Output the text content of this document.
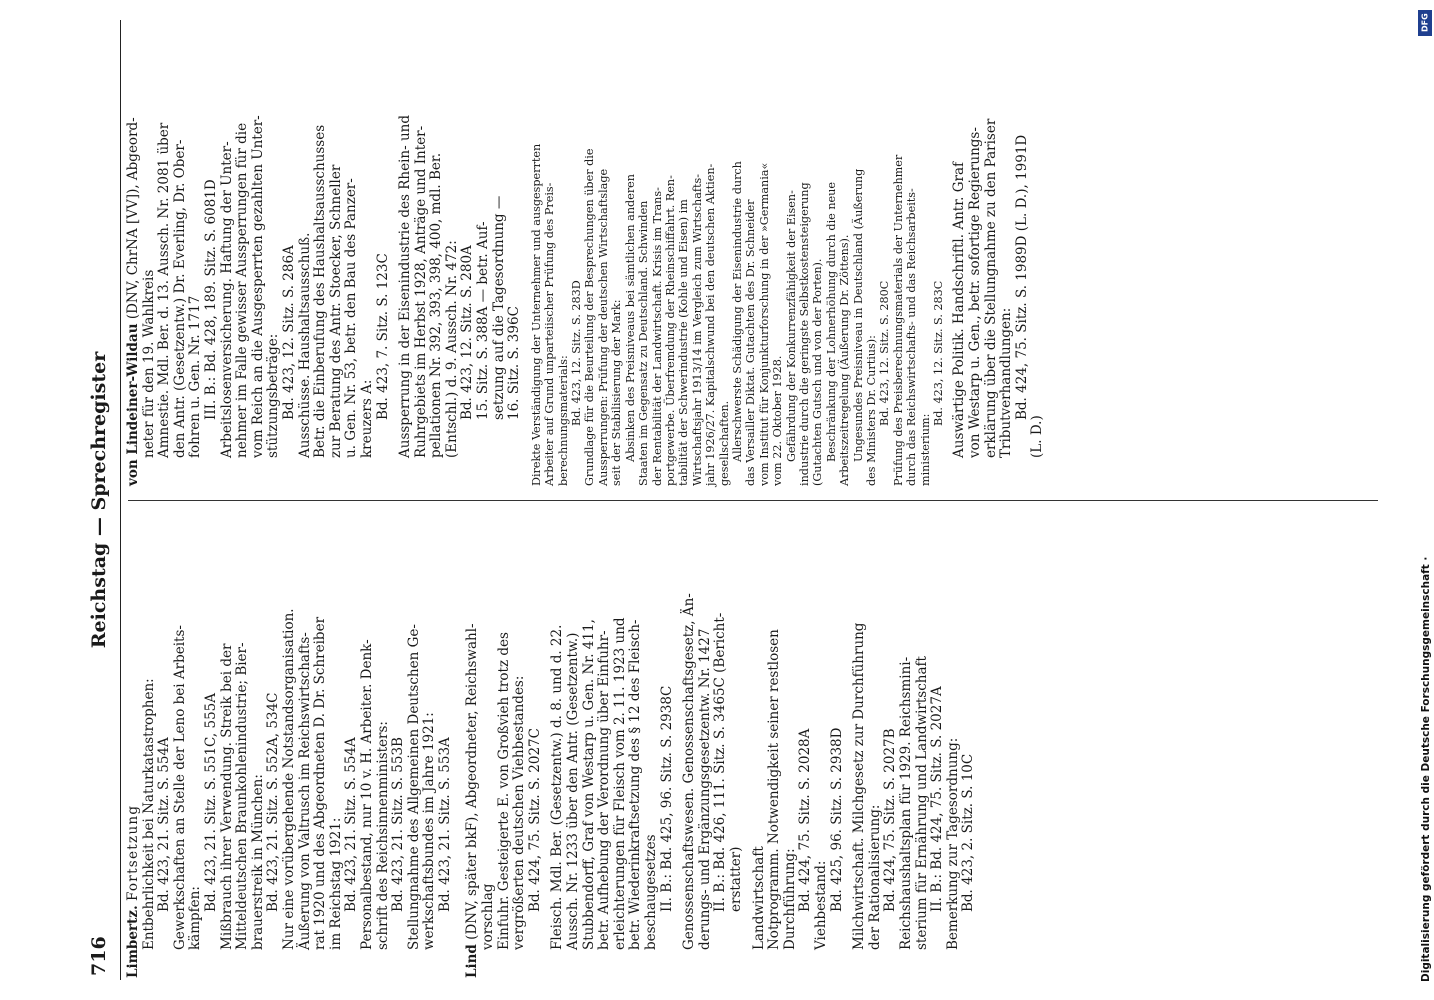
Reichstag — Sprechregister
716 Limbertz. Fortsetzung Entbehrlichkeit bei Naturkatastrophen: Bd. 423, 21. Sitz. S. 554A Gewerkschaften an Stelle der Leno bei Arbeits- kämpfen:

Bd. 423, 21. Sitz. S. 551C, 555A Mißbrauch ihrer Verwendung. Streik bei der Mitteldeutschen Braunkohlenindustrie; Bier- brauerstreik in München: Bd. 423, 21. Sitz. S. 552A, 534C Nur eine vorübergehende Notstandsorganisation. Äußerung von Valtrusch im Reichswirtschafts- rat 1920 und des Abgeordneten D. Dr. Schreiber im Reichstag 1921: Bd. 423, 21. Sitz. S. 554A Personalbestand, nur 10 v. H. Arbeiter. Denk- schrift des Reichsinnenministers: Bd. 423, 21. Sitz. S. 553B Stellungnahme des Allgemeinen Deutschen Ge- werkschaftsbundes im Jahre 1921: Bd. 423, 21. Sitz. S. 553A

Lind (DNV, später bkF), Abgeordneter, Reichswahl- vorschlag Einfuhr. Gesteigerte E. von Großvieh trotz des vergrößerten deutschen Viehbestandes: Bd. 424, 75. Sitz. S. 2027C Fleisch. Mdl. Ber. (Gesetzentw.) d. 8. und d. 22. Aussch. Nr. 1233 über den Antr. (Gesetzentw.) Stubbendorff, Graf von Westarp u. Gen. Nr. 411, betr. Aufhebung der Verordnung über Einfuhr- erleichterungen für Fleisch vom 2. 11. 1923 und betr. Wiederinkraftsetzung des § 12 des Fleisch- beschaugesetzes II. B.: Bd. 425, 96. Sitz. S. 2938C Genossenschaftswesen. Genossenschaftsgesetz, Än- derungs- und Ergänzungsgesetzentw. Nr. 1427 II. B.: Bd. 426, 111. Sitz. S. 3465C (Bericht- erstatter) Landwirtschaft Notprogramm. Notwendigkeit seiner restlosen Durchführung: Bd. 424, 75. Sitz. S. 2028A Viehbestand: Bd. 425, 96. Sitz. S. 2938D Milchwirtschaft. Milchgesetz zur Durchführung der Rationalisierung: Bd. 424, 75. Sitz. S. 2027B Reichshaushaltsplan für 1929. Reichsmini- sterium für Ernährung und Landwirtschaft II. B.: Bd. 424, 75. Sitz. S. 2027A Bemerkung zur Tagesordnung: Bd. 423, 2. Sitz. S. 10C

von Lindeiner-Wildau (DNV, ChrNA [VV]), Abgeord-

neter für den 19. Wahlkreis Amnestie. Mdl. Ber. d. 13. Aussch. Nr. 2081 über den Antr. (Gesetzentw.) Dr. Everling, Dr. Ober- fohren u. Gen. Nr. 1717 III. B.: Bd. 428, 189. Sitz. S. 6081D Arbeitslosenversicherung. Haftung der Unter- nehmer im Falle gewisser Aussperrungen für die vom Reich an die Ausgesperrten gezahlten Unter- stützungsbeträge: Bd. 423, 12. Sitz. S. 286A Ausschüsse. Haushaltsausschuß. Betr. die Einberufung des Haushaltsausschusses zur Beratung des Antr. Stoecker, Schneller u. Gen. Nr. 53, betr. den Bau des Panzer- kreuzers A: Bd. 423, 7. Sitz. S. 123C Aussperrung in der Eisenindustrie des Rhein- und Ruhrgebiets im Herbst 1928, Anträge und Inter- pellationen Nr. 392, 393, 398, 400, mdl. Ber. (Entschl.) d. 9. Aussch. Nr. 472: Bd. 423, 12. Sitz. S. 280A 15. Sitz. S. 388A — betr. Auf- setzung auf die Tagesordnung — 16. Sitz. S. 396C Direkte Verständigung der Unternehmer und ausgesperrten Arbeiter auf Grund unparteiischer Prüfung des Preis- berechnungsmaterials: Bd. 423, 12. Sitz. S. 283D Grundlage für die Beurteilung der Besprechungen über die Aussperrungen: Prüfung der deutschen Wirtschaftslage seit der Stabilisierung der Mark: Absinken des Preisniveaus bei sämtlichen anderen Staaten im Gegensatz zu Deutschland. Schwinden der Rentabilität der Landwirtschaft. Krisis im Trans- portgewerbe. Überfremdung der Rheinschiffahrt. Ren- tabilität der Schwerindustrie (Kohle und Eisen) im Wirtschaftsjahr 1913/14 im Vergleich zum Wirtschafts- jahr 1926/27. Kapitalschwund bei den deutschen Aktien- gesellschaften. Allerschwerste Schädigung der Eisenindustrie durch das Versailler Diktat. Gutachten des Dr. Schneider vom Institut für Konjunkturforschung in der »Germania« vom 22. Oktober 1928. Gefährdung der Konkurrenzfähigkeit der Eisen- industrie durch die geringste Selbstkostensteigerung (Gutachten Gutsch und von der Porten). Beschränkung der Lohnerhöhung durch die neue Arbeitszeitregelung (Äußerung Dr. Zöttens). Ungesundes Preisniveau in Deutschland (Äußerung des Ministers Dr. Curtius): Bd. 423, 12. Sitz. S. 280C Prüfung des Preisberechnungsmaterials der Unternehmer durch das Reichswirtschafts- und das Reichsarbeits- ministerium:

Bd. 423, 12. Sitz. S. 283C Auswärtige Politik. Handschriftl. Antr. Graf von Westarp u. Gen., betr. sofortige Regierungs- erklärung über die Stellungnahme zu den Pariser Tributverhandlungen: Bd. 424, 75. Sitz. S. 1989D (L. D.), 1991D

(L. D.)

DFG
Digitalisierung gefördert durch die Deutsche Forschungsgemeinschaft ·
